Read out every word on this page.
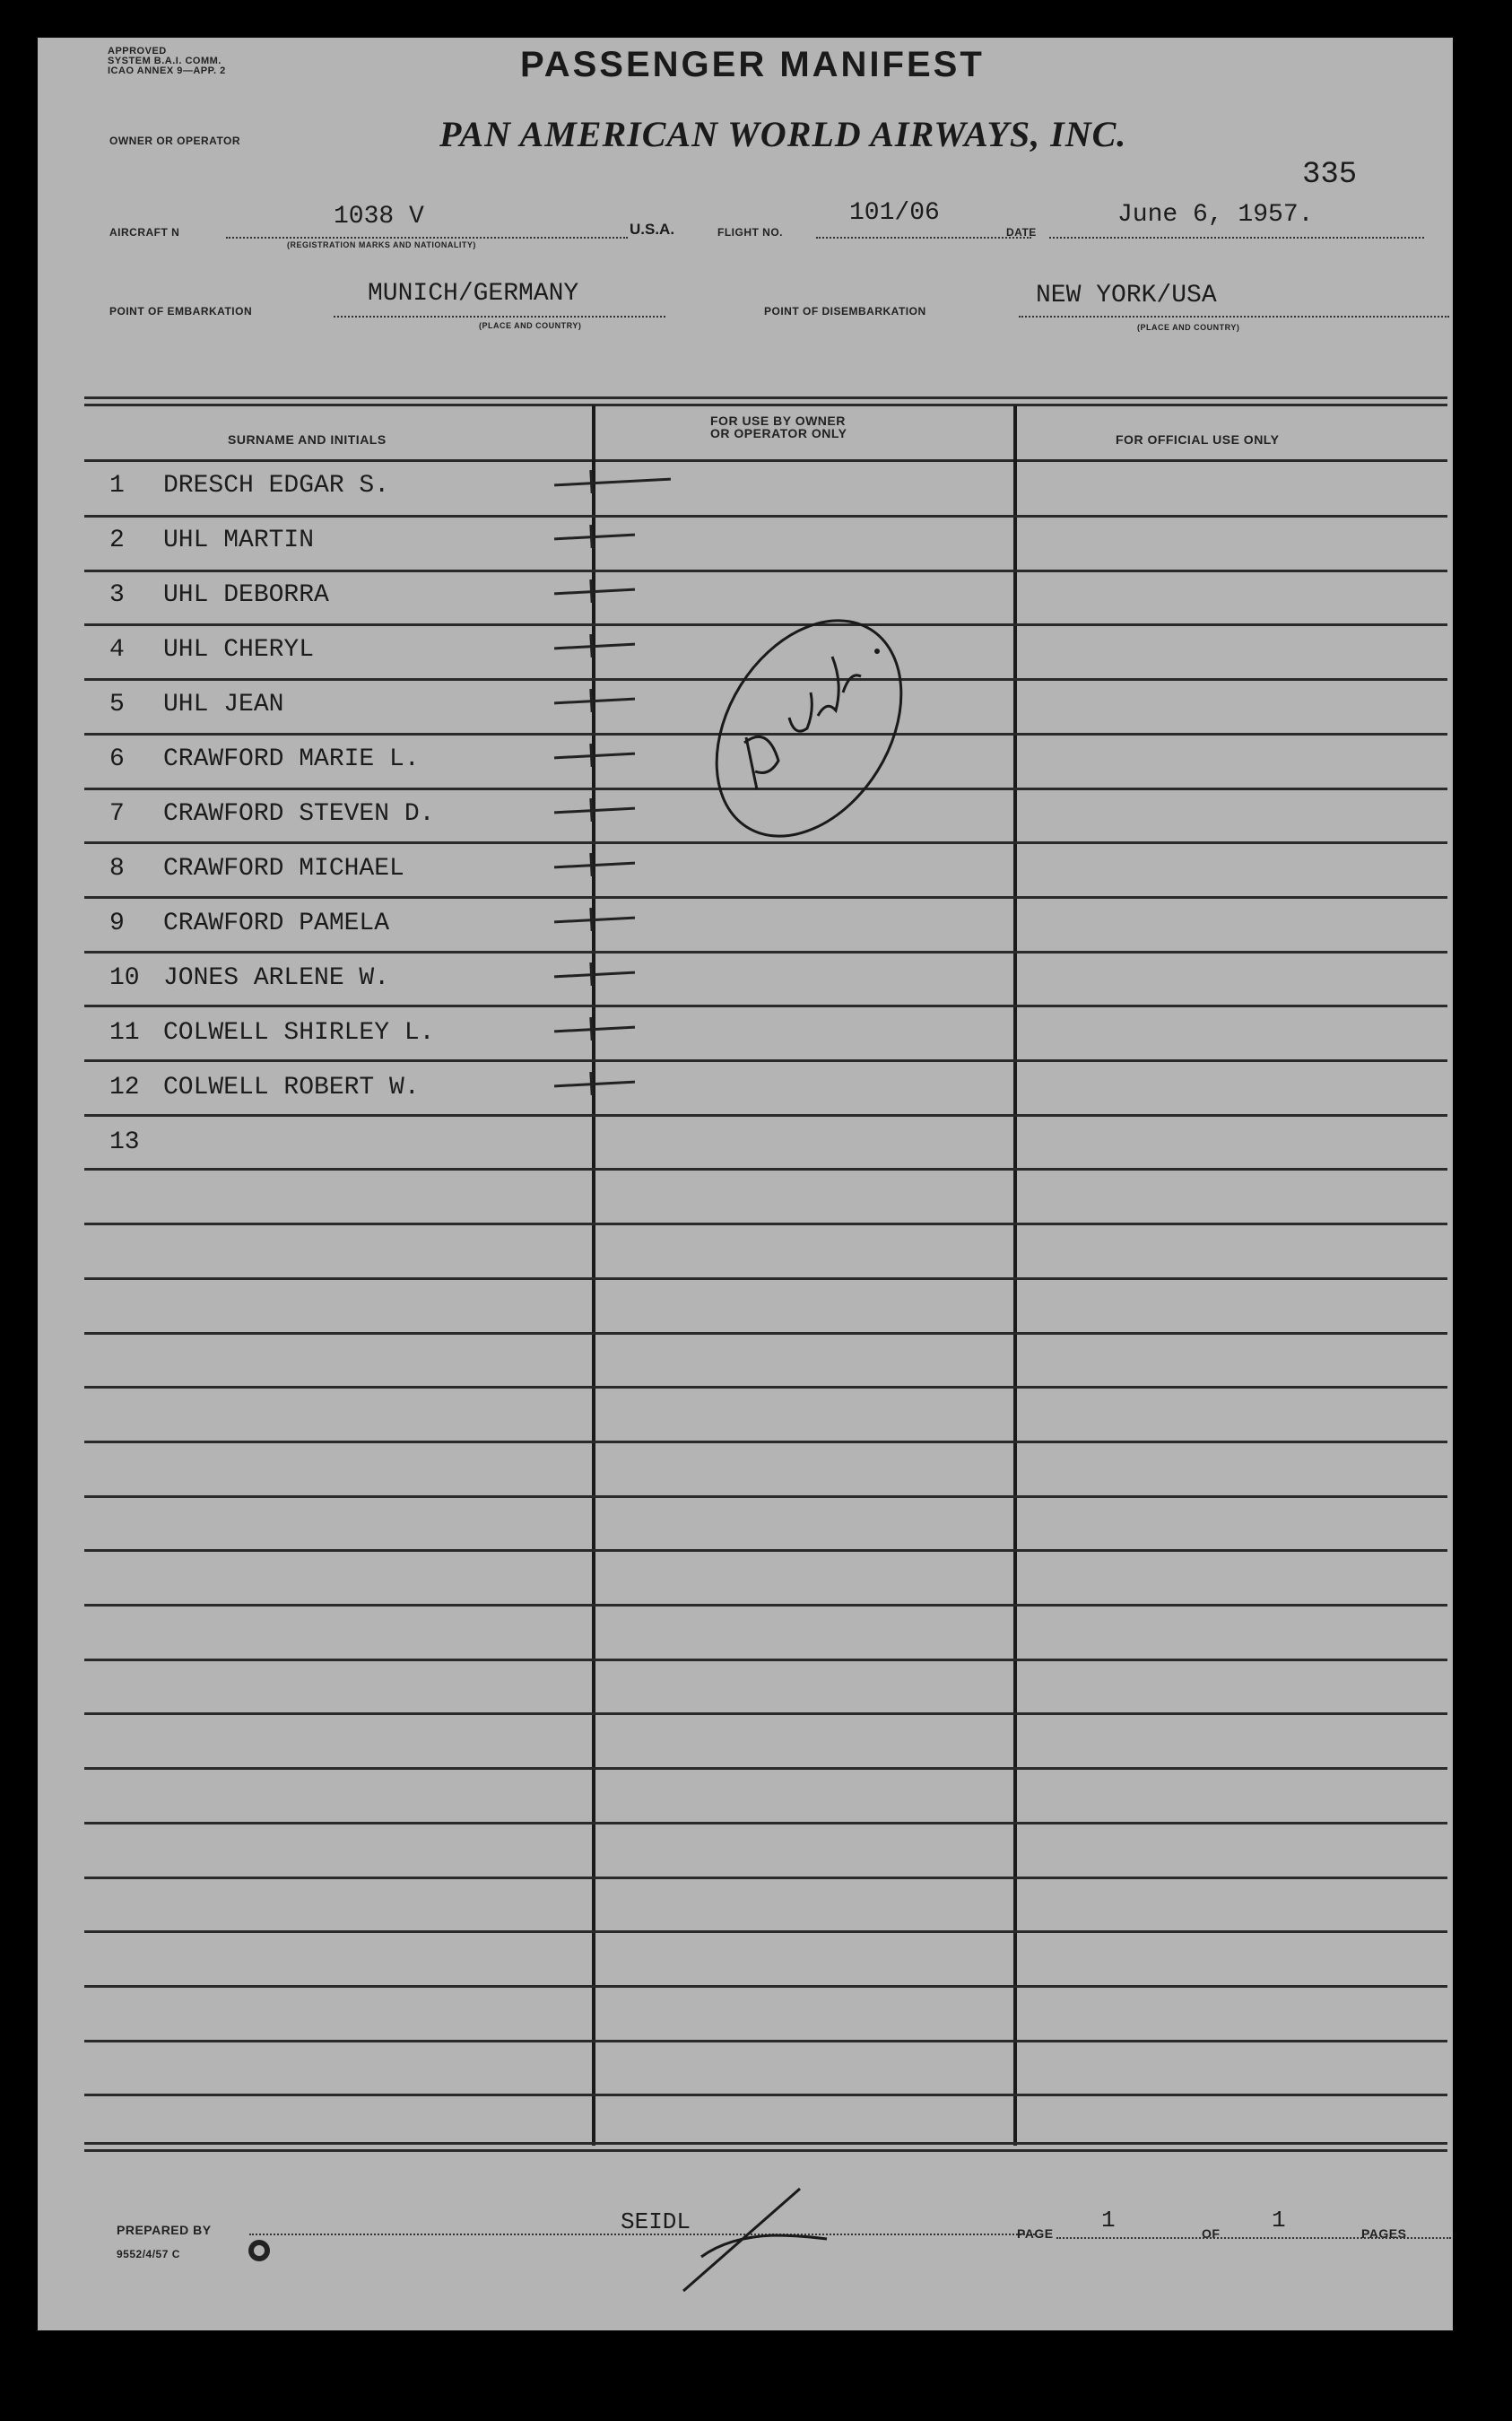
APPROVED
SYSTEM B.A.I. COMM.
ICAO ANNEX 9—APP. 2	PASSENGER MANIFEST
OWNER OR OPERATOR	PAN AMERICAN WORLD AIRWAYS, INC.
335
AIRCRAFT N
1038 V
(REGISTRATION MARKS AND NATIONALITY)
U.S.A.	FLIGHT NO.
101/06
DATE
June 6, 1957.
POINT OF EMBARKATION
MUNICH/GERMANY
(PLACE AND COUNTRY)
POINT OF DISEMBARKATION
NEW YORK/USA
(PLACE AND COUNTRY)
SURNAME AND INITIALS
FOR USE BY OWNER
OR OPERATOR ONLY	FOR OFFICIAL USE ONLY
1 DRESCH EDGAR S.
2 UHL MARTIN
3 UHL DEBORRA
4 UHL CHERYL
5 UHL JEAN
6 CRAWFORD MARIE L.
7 CRAWFORD STEVEN D.
8 CRAWFORD MICHAEL
9 CRAWFORD PAMELA
10 JONES ARLENE W.
11 COLWELL SHIRLEY L.
12 COLWELL ROBERT W.
13
PREPARED BY
9552/4/57 C
SEIDL	PAGE 1	OF 1	PAGES
